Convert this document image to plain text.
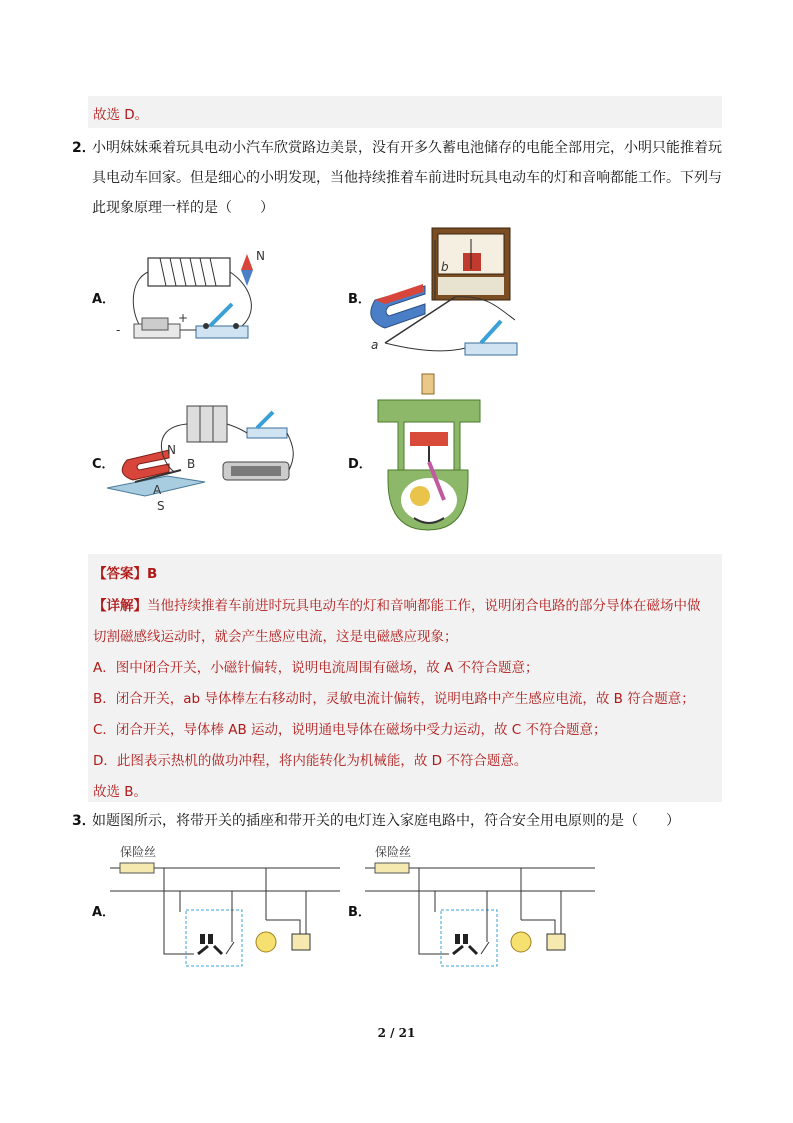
故选 D。
2．
小明妹妹乘着玩具电动小汽车欣赏路边美景，没有开多久蓄电池储存的电能全部用完，小明只能推着玩
具电动车回家。但是细心的小明发现，当他持续推着车前进时玩具电动车的灯和音响都能工作。下列与
此现象原理一样的是（　　）
A．
N
-
+
B．
b
a
C．
N
B
A
S
D．
【答案】B
【详解】当他持续推着车前进时玩具电动车的灯和音响都能工作，说明闭合电路的部分导体在磁场中做
切割磁感线运动时，就会产生感应电流，这是电磁感应现象；
A．图中闭合开关，小磁针偏转，说明电流周围有磁场，故 A 不符合题意；
B．闭合开关，ab 导体棒左右移动时，灵敏电流计偏转，说明电路中产生感应电流，故 B 符合题意；
C．闭合开关，导体棒 AB 运动，说明通电导体在磁场中受力运动，故 C 不符合题意；
D．此图表示热机的做功冲程，将内能转化为机械能，故 D 不符合题意。
故选 B。
3．
如题图所示，将带开关的插座和带开关的电灯连入家庭电路中，符合安全用电原则的是（　　）
A．
保险丝
B．
保险丝
2 / 21
